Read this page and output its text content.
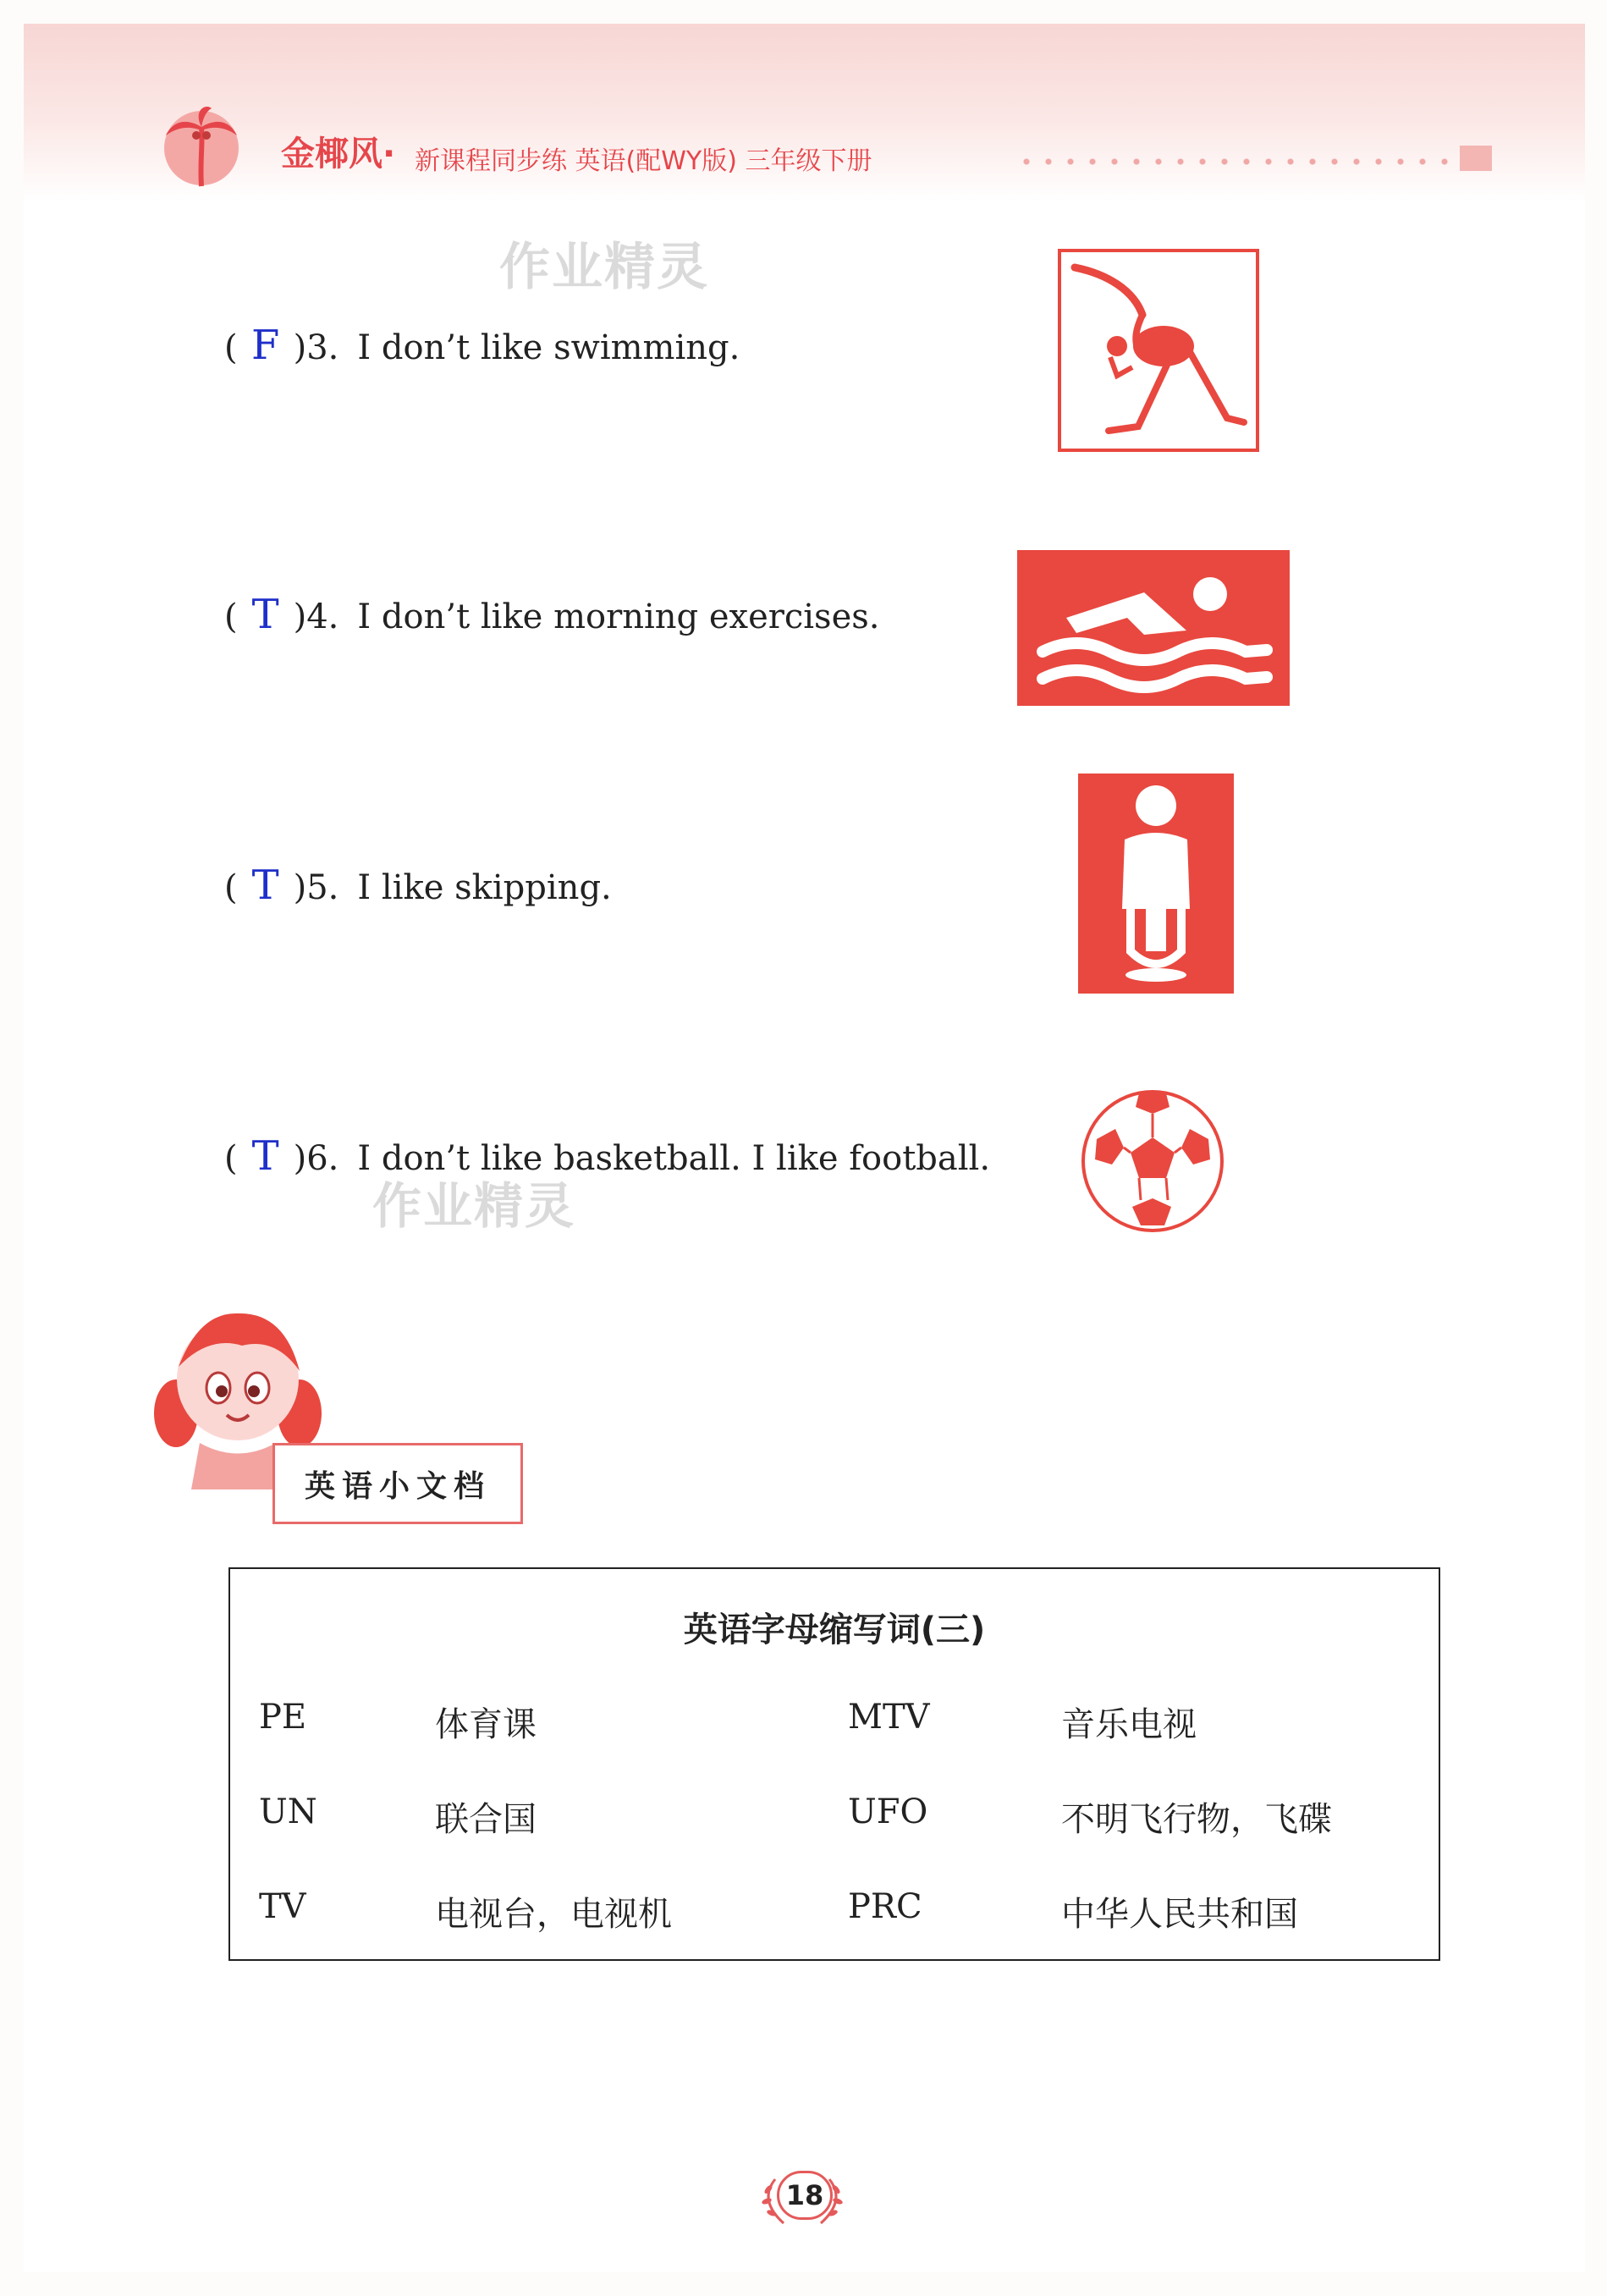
金椰风· 新课程同步练 英语(配WY版) 三年级下册
作业精灵
( F )3. I don’t like swimming.
( T )4. I don’t like morning exercises.
( T )5. I like skipping.
( T )6. I don’t like basketball. I like football.
作业精灵
英语小文档
英语字母缩写词(三)
PE	体育课	MTV	音乐电视
UN	联合国	UFO	不明飞行物，飞碟
TV	电视台，电视机	PRC	中华人民共和国
18
